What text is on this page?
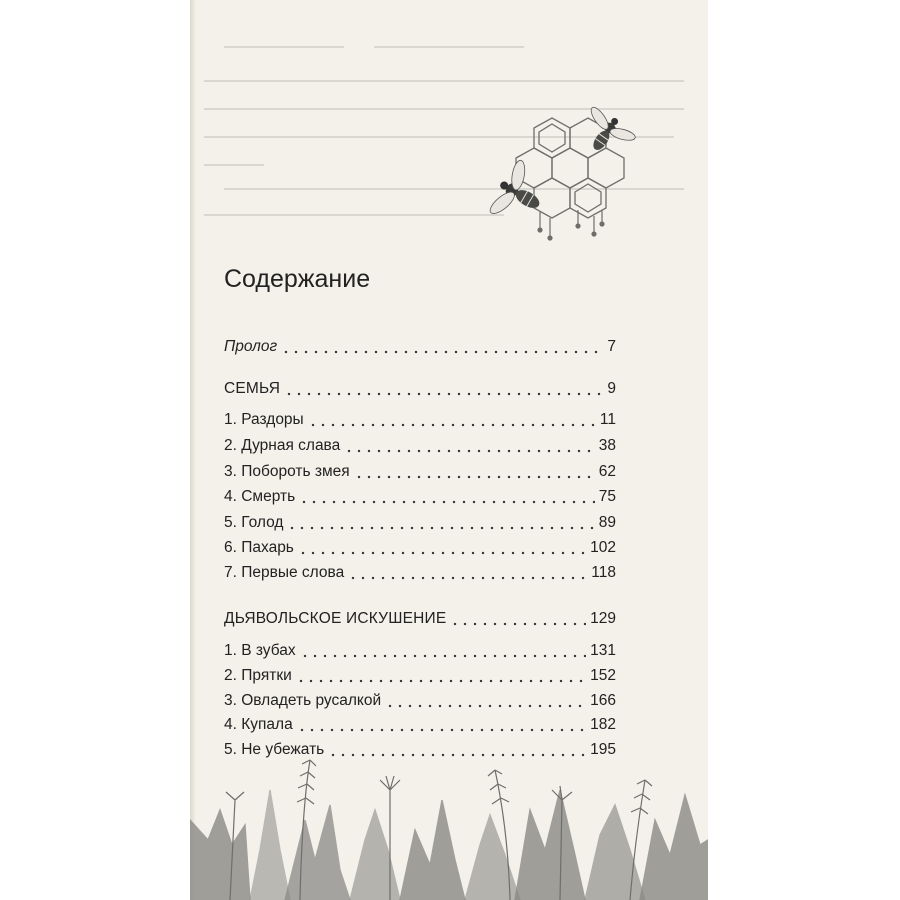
Содержание
Пролог	7
СЕМЬЯ	9
1. Раздоры	11
2. Дурная слава	38
3. Побороть змея	62
4. Смерть	75
5. Голод	89
6. Пахарь	102
7. Первые слова	118
ДЬЯВОЛЬСКОЕ ИСКУШЕНИЕ	129
1. В зубах	131
2. Прятки	152
3. Овладеть русалкой	166
4. Купала	182
5. Не убежать	195
